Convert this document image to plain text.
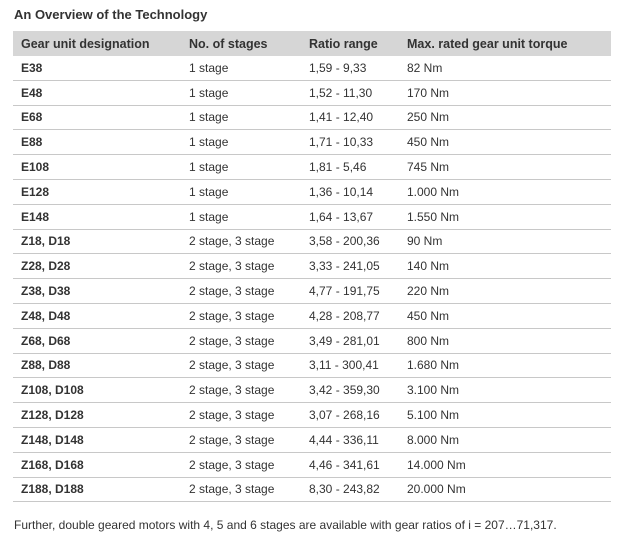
An Overview of the Technology
Gear unit designation	No. of stages	Ratio range	Max. rated gear unit torque
E38	1 stage	1,59 - 9,33	82 Nm
E48	1 stage	1,52 - 11,30	170 Nm
E68	1 stage	1,41 - 12,40	250 Nm
E88	1 stage	1,71 - 10,33	450 Nm
E108	1 stage	1,81 - 5,46	745 Nm
E128	1 stage	1,36 - 10,14	1.000 Nm
E148	1 stage	1,64 - 13,67	1.550 Nm
Z18, D18	2 stage, 3 stage	3,58 - 200,36	90 Nm
Z28, D28	2 stage, 3 stage	3,33 - 241,05	140 Nm
Z38, D38	2 stage, 3 stage	4,77 - 191,75	220 Nm
Z48, D48	2 stage, 3 stage	4,28 - 208,77	450 Nm
Z68, D68	2 stage, 3 stage	3,49 - 281,01	800 Nm
Z88, D88	2 stage, 3 stage	3,11 - 300,41	1.680 Nm
Z108, D108	2 stage, 3 stage	3,42 - 359,30	3.100 Nm
Z128, D128	2 stage, 3 stage	3,07 - 268,16	5.100 Nm
Z148, D148	2 stage, 3 stage	4,44 - 336,11	8.000 Nm
Z168, D168	2 stage, 3 stage	4,46 - 341,61	14.000 Nm
Z188, D188	2 stage, 3 stage	8,30 - 243,82	20.000 Nm
Further, double geared motors with 4, 5 and 6 stages are available with gear ratios of i = 207…71,317.
